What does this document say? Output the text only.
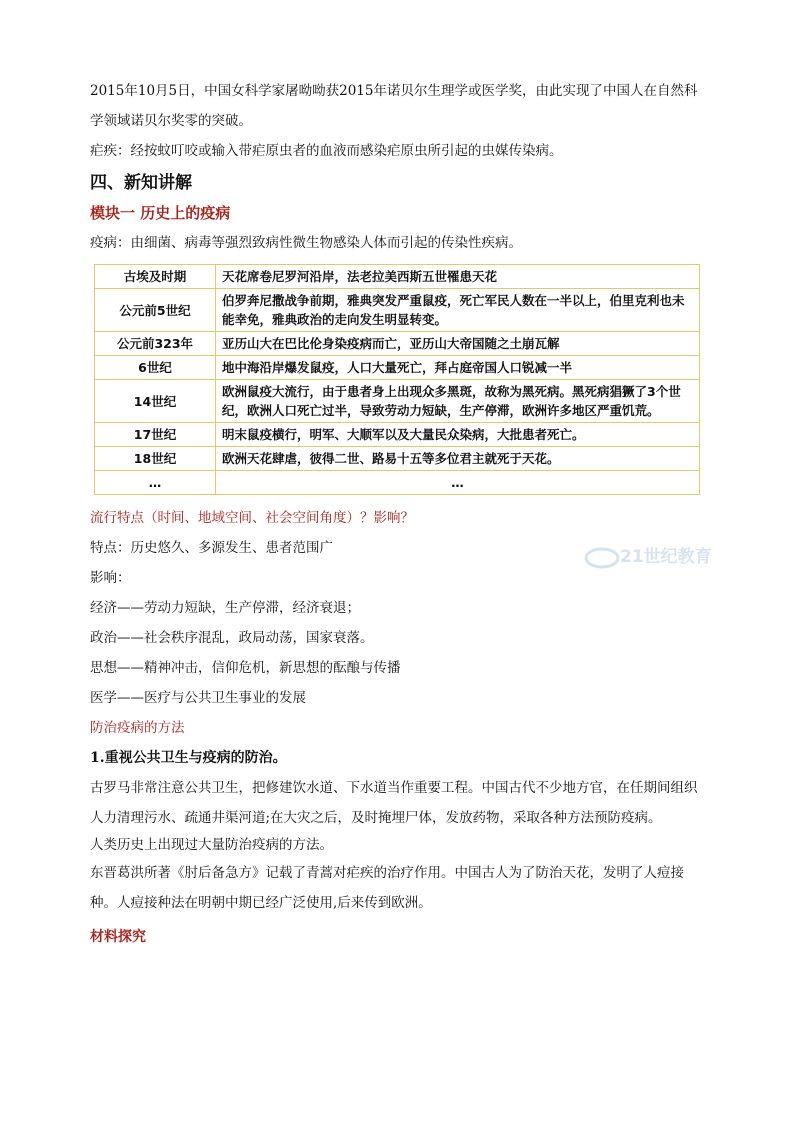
2015年10月5日，中国女科学家屠呦呦获2015年诺贝尔生理学或医学奖，由此实现了中国人在自然科学领域诺贝尔奖零的突破。

疟疾：经按蚊叮咬或输入带疟原虫者的血液而感染疟原虫所引起的虫媒传染病。

四、新知讲解
模块一 历史上的疫病

疫病：由细菌、病毒等强烈致病性微生物感染人体而引起的传染性疾病。

古埃及时期	天花席卷尼罗河沿岸，法老拉美西斯五世罹患天花
公元前5世纪	伯罗奔尼撒战争前期，雅典突发严重鼠疫，死亡军民人数在一半以上，伯里克利也未能幸免，雅典政治的走向发生明显转变。
公元前323年	亚历山大在巴比伦身染疫病而亡，亚历山大帝国随之土崩瓦解
6世纪	地中海沿岸爆发鼠疫，人口大量死亡，拜占庭帝国人口锐减一半
14世纪	欧洲鼠疫大流行，由于患者身上出现众多黑斑，故称为黑死病。黑死病猖獗了3个世纪，欧洲人口死亡过半，导致劳动力短缺，生产停滞，欧洲许多地区严重饥荒。
17世纪	明末鼠疫横行，明军、大顺军以及大量民众染病，大批患者死亡。
18世纪	欧洲天花肆虐，彼得二世、路易十五等多位君主就死于天花。
…	…

流行特点（时间、地域空间、社会空间角度）？影响？

特点：历史悠久、多源发生、患者范围广

影响：

经济——劳动力短缺，生产停滞，经济衰退；

政治——社会秩序混乱，政局动荡，国家衰落。

思想——精神冲击，信仰危机，新思想的酝酿与传播

医学——医疗与公共卫生事业的发展

防治疫病的方法

1.重视公共卫生与疫病的防治。

古罗马非常注意公共卫生，把修建饮水道、下水道当作重要工程。中国古代不少地方官，在任期间组织人力清理污水、疏通井渠河道;在大灾之后，及时掩埋尸体，发放药物，采取各种方法预防疫病。

人类历史上出现过大量防治疫病的方法。

东晋葛洪所著《肘后备急方》记载了青蒿对疟疾的治疗作用。中国古人为了防治天花，发明了人痘接种。人痘接种法在明朝中期已经广泛使用,后来传到欧洲。

材料探究

21世纪教育
